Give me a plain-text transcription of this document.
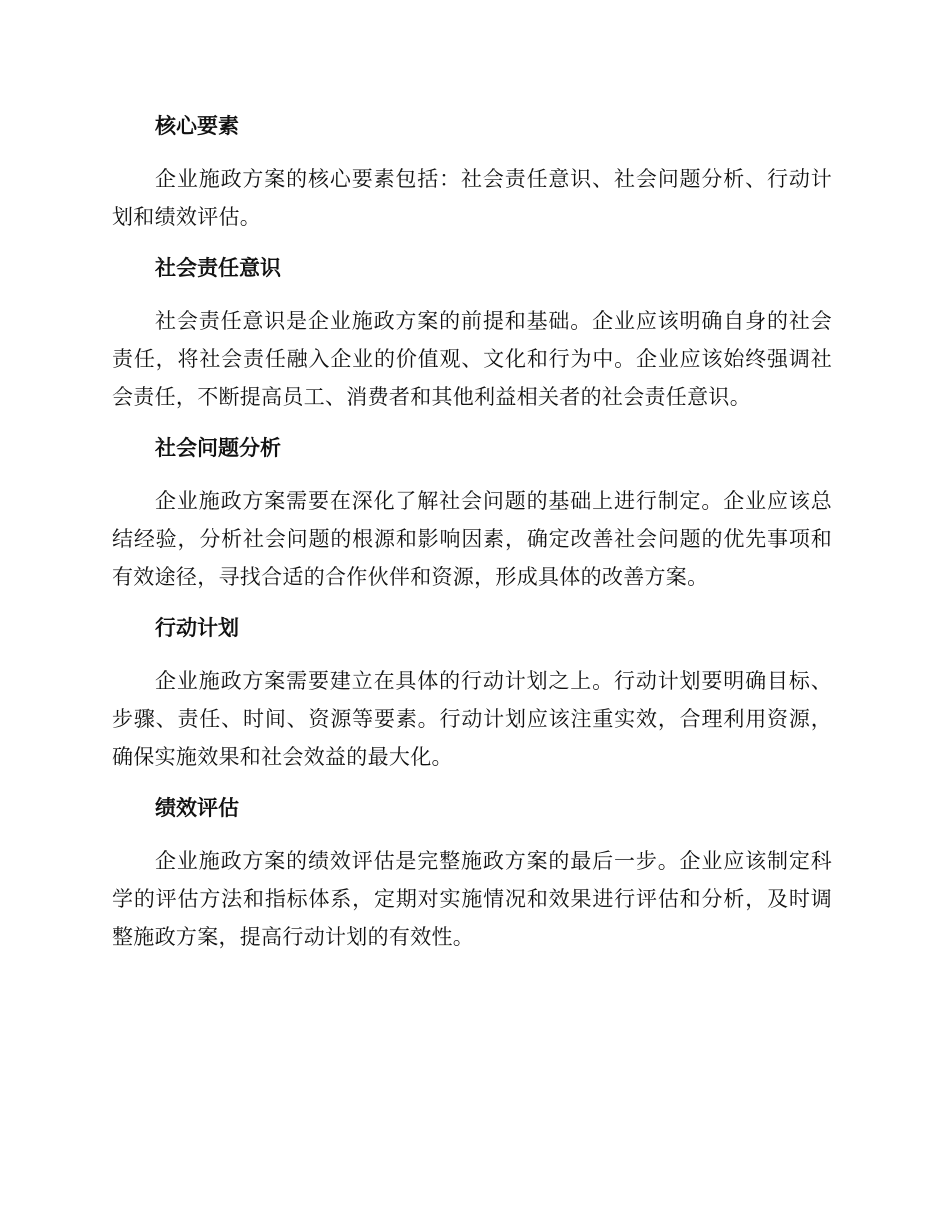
核心要素

企业施政方案的核心要素包括：社会责任意识、社会问题分析、行动计划和绩效评估。

社会责任意识

社会责任意识是企业施政方案的前提和基础。企业应该明确自身的社会责任，将社会责任融入企业的价值观、文化和行为中。企业应该始终强调社会责任，不断提高员工、消费者和其他利益相关者的社会责任意识。

社会问题分析

企业施政方案需要在深化了解社会问题的基础上进行制定。企业应该总结经验，分析社会问题的根源和影响因素，确定改善社会问题的优先事项和有效途径，寻找合适的合作伙伴和资源，形成具体的改善方案。

行动计划

企业施政方案需要建立在具体的行动计划之上。行动计划要明确目标、步骤、责任、时间、资源等要素。行动计划应该注重实效，合理利用资源，确保实施效果和社会效益的最大化。

绩效评估

企业施政方案的绩效评估是完整施政方案的最后一步。企业应该制定科学的评估方法和指标体系，定期对实施情况和效果进行评估和分析，及时调整施政方案，提高行动计划的有效性。
